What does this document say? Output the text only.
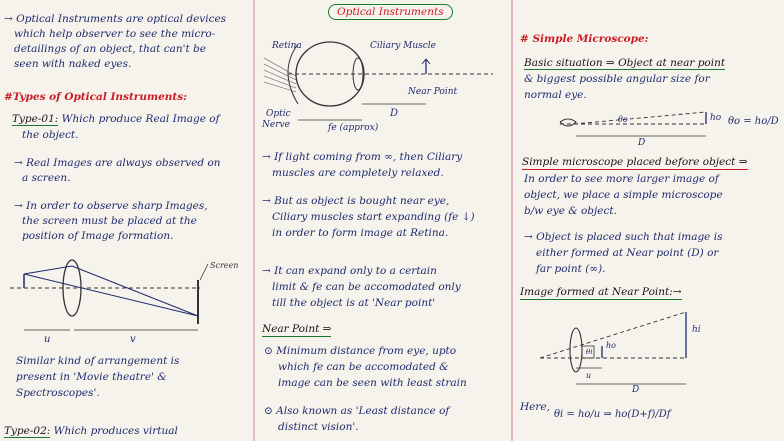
→ Optical Instruments are optical devices
which help observer to see the micro-
detailings of an object, that can't be
seen with naked eyes.
#Types of Optical Instruments:
Type-01: Which produce Real Image of
the object.
→ Real Images are always observed on
a screen.
→ In order to observe sharp Images,
the screen must be placed at the
position of Image formation.
Screen
u	v
Similar kind of arrangement is
present in 'Movie theatre' &
Spectroscopes'.
Type-02: Which produces virtual
Optical Instruments
Retina	Ciliary Muscle
Optic
Nerve
Near Point
D
fe (approx)
→ If light coming from ∞, then Ciliary
muscles are completely relaxed.
→ But as object is bought near eye,
Ciliary muscles start expanding (fe ↓)
in order to form image at Retina.
→ It can expand only to a certain
limit & fe can be accomodated only
till the object is at 'Near point'
Near Point ⇒
⊙ Minimum distance from eye, upto
which fe can be accomodated &
image can be seen with least strain
⊙ Also known as 'Least distance of
distinct vision'.
# Simple Microscope:
Basic situation ⇒ Object at near point
& biggest possible angular size for
normal eye.
ho
θo
D
θo = ho/D
Simple microscope placed before object ⇒
In order to see more larger image of
object, we place a simple microscope
b/w eye & object.
→ Object is placed such that image is
either formed at Near point (D) or
far point (∞).
Image formed at Near Point:→
hi
ho
θi
u
D
Here,
θi = ho/u ⇒ ho(D+f)/Df
